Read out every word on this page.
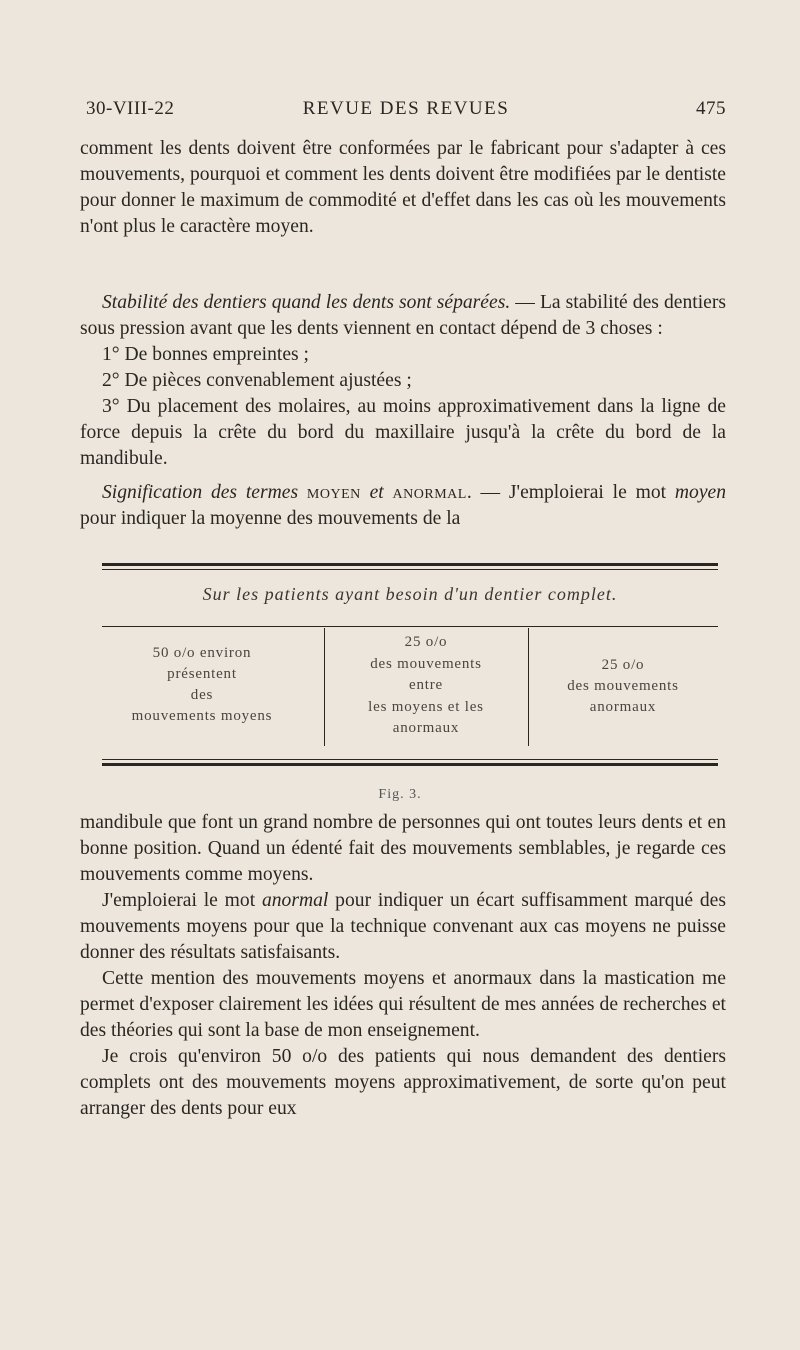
30-VIII-22	REVUE DES REVUES	475

comment les dents doivent être conformées par le fabricant pour s'adapter à ces mouvements, pourquoi et comment les dents doivent être modifiées par le dentiste pour donner le maximum de commodité et d'effet dans les cas où les mouvements n'ont plus le caractère moyen.

Stabilité des dentiers quand les dents sont séparées. — La stabilité des dentiers sous pression avant que les dents viennent en contact dépend de 3 choses :

1° De bonnes empreintes ;

2° De pièces convenablement ajustées ;

3° Du placement des molaires, au moins approximativement dans la ligne de force depuis la crête du bord du maxillaire jusqu'à la crête du bord de la mandibule.

Signification des termes moyen et anormal. — J'emploierai le mot moyen pour indiquer la moyenne des mouvements de la

Sur les patients ayant besoin d'un dentier complet.
50 o/o environ
présentent
des
mouvements moyens
25 o/o
des mouvements
entre
les moyens et les
anormaux
25 o/o
des mouvements
anormaux
Fig. 3.

mandibule que font un grand nombre de personnes qui ont toutes leurs dents et en bonne position. Quand un édenté fait des mouvements semblables, je regarde ces mouvements comme moyens.

J'emploierai le mot anormal pour indiquer un écart suffisamment marqué des mouvements moyens pour que la technique convenant aux cas moyens ne puisse donner des résultats satisfaisants.

Cette mention des mouvements moyens et anormaux dans la mastication me permet d'exposer clairement les idées qui résultent de mes années de recherches et des théories qui sont la base de mon enseignement.

Je crois qu'environ 50 o/o des patients qui nous demandent des dentiers complets ont des mouvements moyens approximativement, de sorte qu'on peut arranger des dents pour eux
